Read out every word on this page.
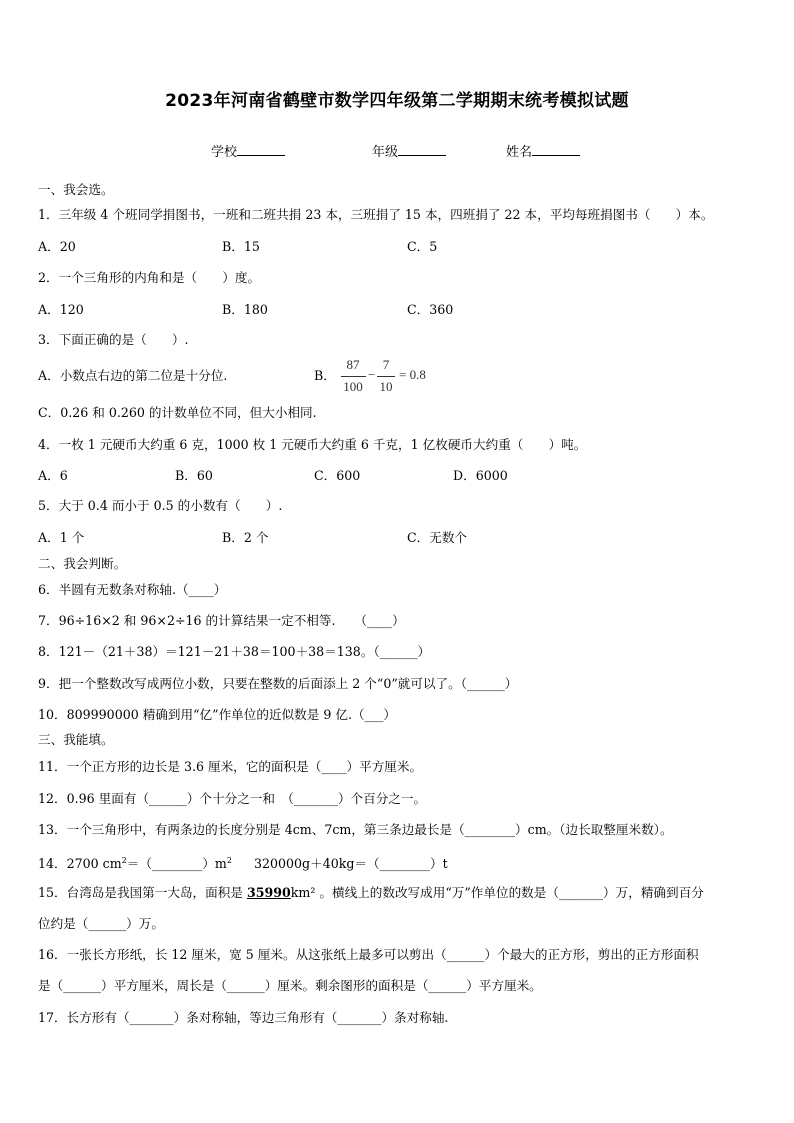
2023年河南省鹤壁市数学四年级第二学期期末统考模拟试题
学校	年级	姓名
一、我会选。
1．三年级 4 个班同学捐图书，一班和二班共捐 23 本，三班捐了 15 本，四班捐了 22 本，平均每班捐图书（　　）本。
A．20	B．15	C．5
2．一个三角形的内角和是（　　）度。
A．120	B．180	C．360
3．下面正确的是（　　）.
A．小数点右边的第二位是十分位.	B．
87
100
−
7
10
= 0.8
C．0.26 和 0.260 的计数单位不同，但大小相同.
4．一枚 1 元硬币大约重 6 克，1000 枚 1 元硬币大约重 6 千克，1 亿枚硬币大约重（　　）吨。
A．6	B．60	C．600	D．6000
5．大于 0.4 而小于 0.5 的小数有（　　）.
A．1 个	B．2 个	C．无数个
二、我会判断。
6．半圆有无数条对称轴.（____）
7．96÷16×2 和 96×2÷16 的计算结果一定不相等.　　（____）
8．121－（21＋38）＝121－21＋38＝100＋38＝138。（______）
9．把一个整数改写成两位小数，只要在整数的后面添上 2 个“0”就可以了。（______）
10．809990000 精确到用“亿”作单位的近似数是 9 亿.（___）
三、我能填。
11．一个正方形的边长是 3.6 厘米，它的面积是（____）平方厘米。
12．0.96 里面有（______）个十分之一和　（_______）个百分之一。
13．一个三角形中，有两条边的长度分别是 4cm、7cm，第三条边最长是（________）cm。（边长取整厘米数）。
14．2700 $cm^2=(\_\_\_\_\_\_\_\_)m^2$ 320000g＋40kg＝（________）t
15．台湾岛是我国第一大岛，面积是 35990km² 。横线上的数改写成用“万”作单位的数是（_______）万，精确到百分
位约是（______）万。
16．一张长方形纸，长 12 厘米，宽 5 厘米。从这张纸上最多可以剪出（______）个最大的正方形，剪出的正方形面积
是（______）平方厘米，周长是（______）厘米。剩余图形的面积是（______）平方厘米。
17．长方形有（_______）条对称轴，等边三角形有（_______）条对称轴.
